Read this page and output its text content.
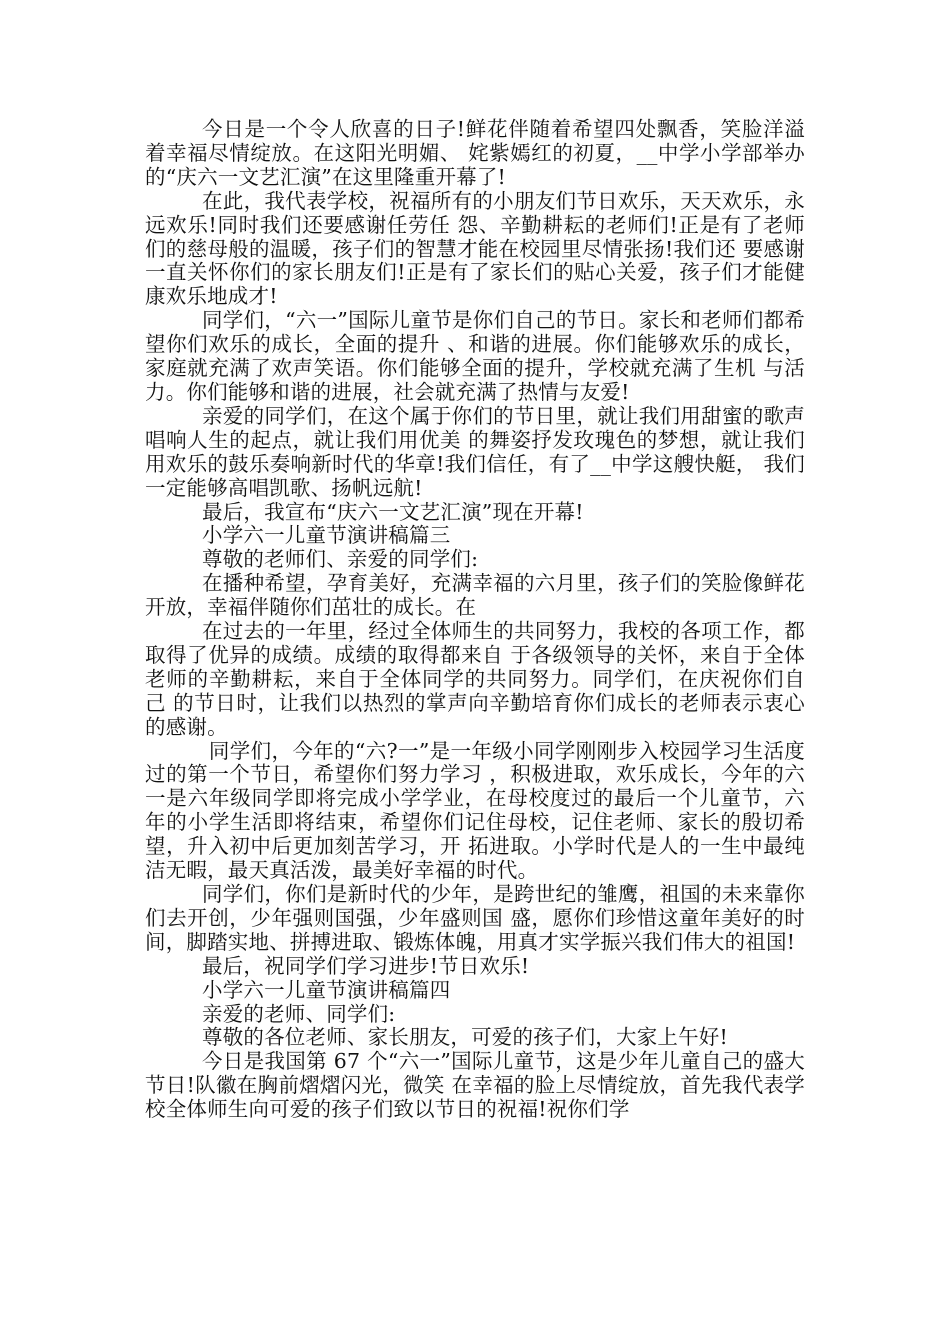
今日是一个令人欣喜的日子!鲜花伴随着希望四处飘香，笑脸洋溢着幸福尽情绽放。在这阳光明媚、 姹紫嫣红的初夏，__中学小学部举办的“庆六一文艺汇演”在这里隆重开幕了!

在此，我代表学校，祝福所有的小朋友们节日欢乐，天天欢乐，永远欢乐!同时我们还要感谢任劳任 怨、辛勤耕耘的老师们!正是有了老师们的慈母般的温暖，孩子们的智慧才能在校园里尽情张扬!我们还 要感谢一直关怀你们的家长朋友们!正是有了家长们的贴心关爱，孩子们才能健康欢乐地成才!

同学们，“六一”国际儿童节是你们自己的节日。家长和老师们都希望你们欢乐的成长，全面的提升 、和谐的进展。你们能够欢乐的成长，家庭就充满了欢声笑语。你们能够全面的提升，学校就充满了生机 与活力。你们能够和谐的进展，社会就充满了热情与友爱!

亲爱的同学们，在这个属于你们的节日里，就让我们用甜蜜的歌声唱响人生的起点，就让我们用优美 的舞姿抒发玫瑰色的梦想，就让我们用欢乐的鼓乐奏响新时代的华章!我们信任，有了__中学这艘快艇， 我们一定能够高唱凯歌、扬帆远航!

最后，我宣布“庆六一文艺汇演”现在开幕!

小学六一儿童节演讲稿篇三

尊敬的老师们、亲爱的同学们:

在播种希望，孕育美好，充满幸福的六月里，孩子们的笑脸像鲜花开放，幸福伴随你们茁壮的成长。在

在过去的一年里，经过全体师生的共同努力，我校的各项工作，都取得了优异的成绩。成绩的取得都来自 于各级领导的关怀，来自于全体老师的辛勤耕耘，来自于全体同学的共同努力。同学们，在庆祝你们自己 的节日时，让我们以热烈的掌声向辛勤培育你们成长的老师表示衷心的感谢。

同学们，今年的“六?一”是一年级小同学刚刚步入校园学习生活度过的第一个节日，希望你们努力学习 ，积极进取，欢乐成长，今年的六一是六年级同学即将完成小学学业，在母校度过的最后一个儿童节，六 年的小学生活即将结束，希望你们记住母校，记住老师、家长的殷切希望，升入初中后更加刻苦学习，开 拓进取。小学时代是人的一生中最纯洁无暇，最天真活泼，最美好幸福的时代。

同学们，你们是新时代的少年，是跨世纪的雏鹰，祖国的未来靠你们去开创，少年强则国强，少年盛则国 盛，愿你们珍惜这童年美好的时间，脚踏实地、拼搏进取、锻炼体魄，用真才实学振兴我们伟大的祖国!

最后，祝同学们学习进步!节日欢乐!

小学六一儿童节演讲稿篇四

亲爱的老师、同学们:

尊敬的各位老师、家长朋友，可爱的孩子们，大家上午好!

今日是我国第 67 个“六一”国际儿童节，这是少年儿童自己的盛大节日!队徽在胸前熠熠闪光，微笑 在幸福的脸上尽情绽放，首先我代表学校全体师生向可爱的孩子们致以节日的祝福!祝你们学
